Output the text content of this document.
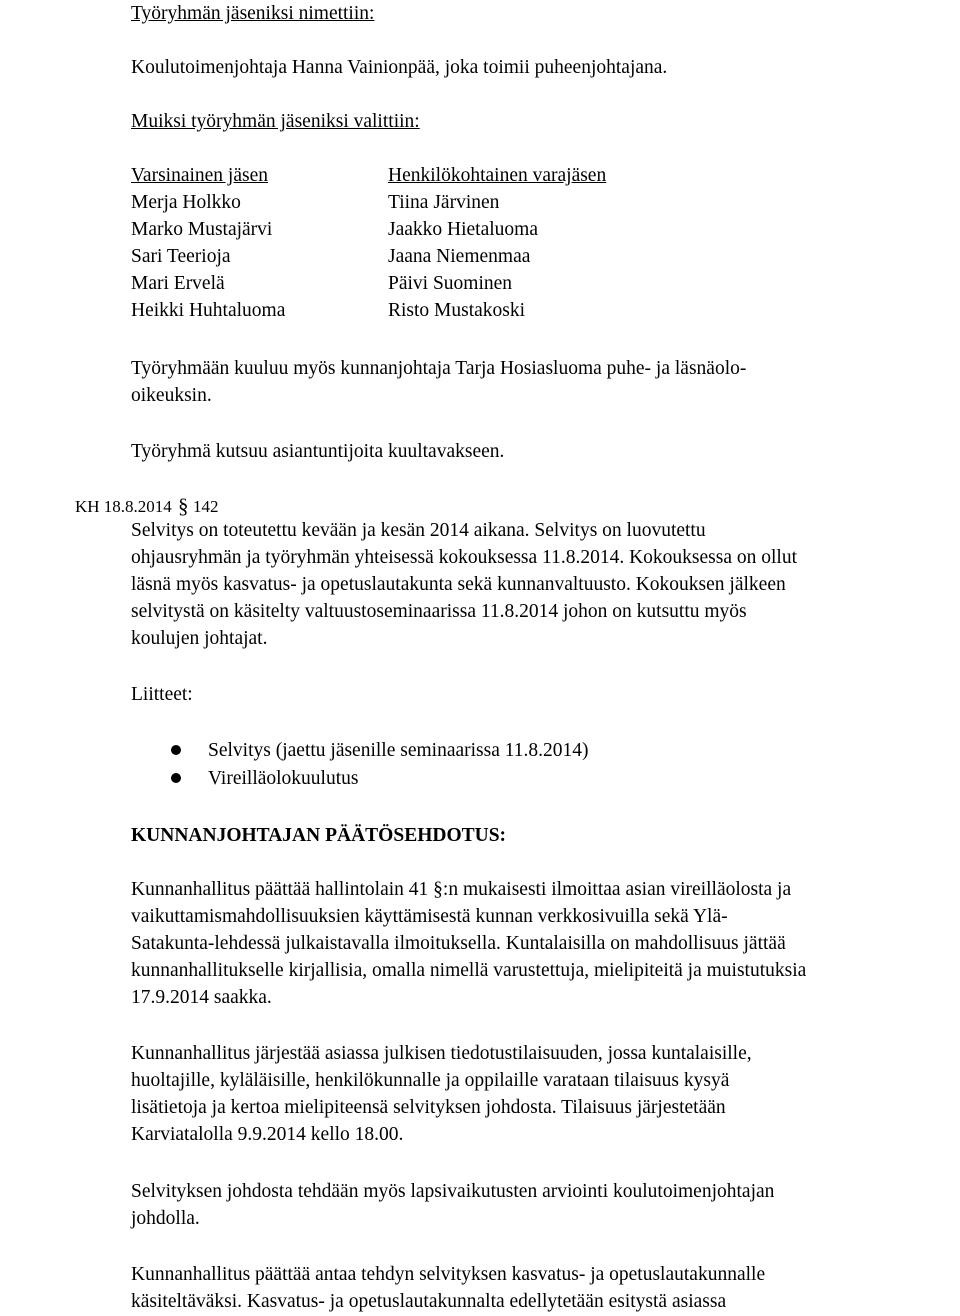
Työryhmän jäseniksi nimettiin:
Koulutoimenjohtaja Hanna Vainionpää, joka toimii puheenjohtajana.
Muiksi työryhmän jäseniksi valittiin:
Varsinainen jäsen	Henkilökohtainen varajäsen
Merja Holkko	Tiina Järvinen
Marko Mustajärvi	Jaakko Hietaluoma
Sari Teerioja	Jaana Niemenmaa
Mari Ervelä	Päivi Suominen
Heikki Huhtaluoma	Risto Mustakoski
Työryhmään kuuluu myös kunnanjohtaja Tarja Hosiasluoma puhe- ja läsnäolo-
oikeuksin.
Työryhmä kutsuu asiantuntijoita kuultavakseen.
KH 18.8.2014 § 142
Selvitys on toteutettu kevään ja kesän 2014 aikana. Selvitys on luovutettu
ohjausryhmän ja työryhmän yhteisessä kokouksessa 11.8.2014. Kokouksessa on ollut
läsnä myös kasvatus- ja opetuslautakunta sekä kunnanvaltuusto. Kokouksen jälkeen
selvitystä on käsitelty valtuustoseminaarissa 11.8.2014 johon on kutsuttu myös
koulujen johtajat.
Liitteet:
Selvitys (jaettu jäsenille seminaarissa 11.8.2014)
Vireilläolokuulutus
KUNNANJOHTAJAN PÄÄTÖSEHDOTUS:
Kunnanhallitus päättää hallintolain 41 §:n mukaisesti ilmoittaa asian vireilläolosta ja
vaikuttamismahdollisuuksien käyttämisestä kunnan verkkosivuilla sekä Ylä-
Satakunta-lehdessä julkaistavalla ilmoituksella. Kuntalaisilla on mahdollisuus jättää
kunnanhallitukselle kirjallisia, omalla nimellä varustettuja, mielipiteitä ja muistutuksia
17.9.2014 saakka.
Kunnanhallitus järjestää asiassa julkisen tiedotustilaisuuden, jossa kuntalaisille,
huoltajille, kyläläisille, henkilökunnalle ja oppilaille varataan tilaisuus kysyä
lisätietoja ja kertoa mielipiteensä selvityksen johdosta. Tilaisuus järjestetään
Karviatalolla 9.9.2014 kello 18.00.
Selvityksen johdosta tehdään myös lapsivaikutusten arviointi koulutoimenjohtajan
johdolla.
Kunnanhallitus päättää antaa tehdyn selvityksen kasvatus- ja opetuslautakunnalle
käsiteltäväksi. Kasvatus- ja opetuslautakunnalta edellytetään esitystä asiassa
